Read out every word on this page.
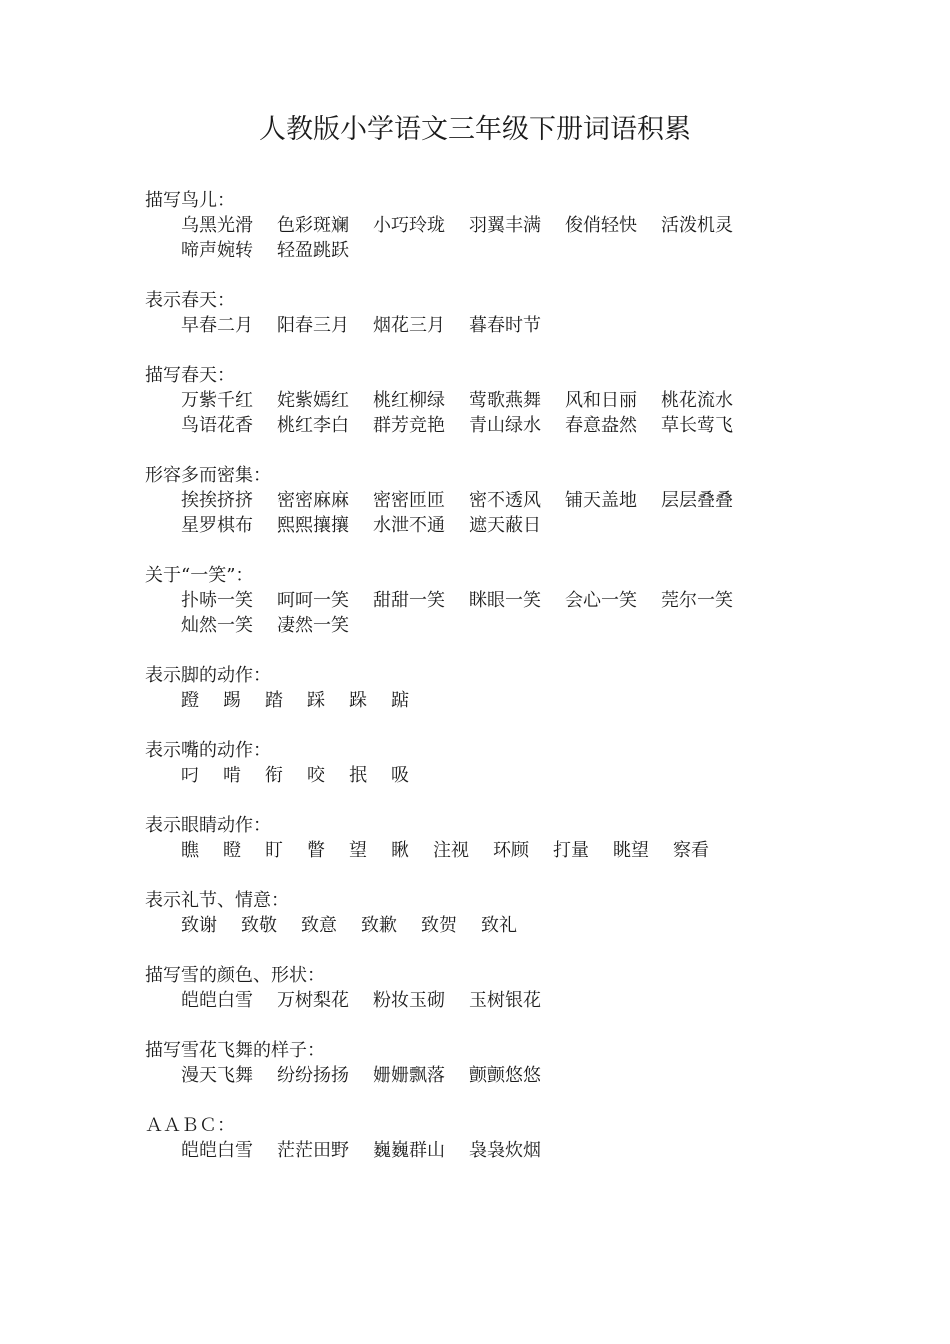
人教版小学语文三年级下册词语积累
描写鸟儿：
乌黑光滑 色彩斑斓 小巧玲珑 羽翼丰满 俊俏轻快 活泼机灵
啼声婉转 轻盈跳跃
表示春天：
早春二月 阳春三月 烟花三月 暮春时节
描写春天：
万紫千红 姹紫嫣红 桃红柳绿 莺歌燕舞 风和日丽 桃花流水
鸟语花香 桃红李白 群芳竞艳 青山绿水 春意盎然 草长莺飞
形容多而密集：
挨挨挤挤 密密麻麻 密密匝匝 密不透风 铺天盖地 层层叠叠
星罗棋布 熙熙攘攘 水泄不通 遮天蔽日
关于“一笑”：
扑哧一笑 呵呵一笑 甜甜一笑 眯眼一笑 会心一笑 莞尔一笑
灿然一笑 凄然一笑
表示脚的动作：
蹬 踢 踏 踩 跺 踮
表示嘴的动作：
叼 啃 衔 咬 抿 吸
表示眼睛动作：
瞧 瞪 盯 瞥 望 瞅 注视 环顾 打量 眺望 察看
表示礼节、情意：
致谢 致敬 致意 致歉 致贺 致礼
描写雪的颜色、形状：
皑皑白雪 万树梨花 粉妆玉砌 玉树银花
描写雪花飞舞的样子：
漫天飞舞 纷纷扬扬 姗姗飘落 颤颤悠悠
ＡＡＢＣ：
皑皑白雪 茫茫田野 巍巍群山 袅袅炊烟
